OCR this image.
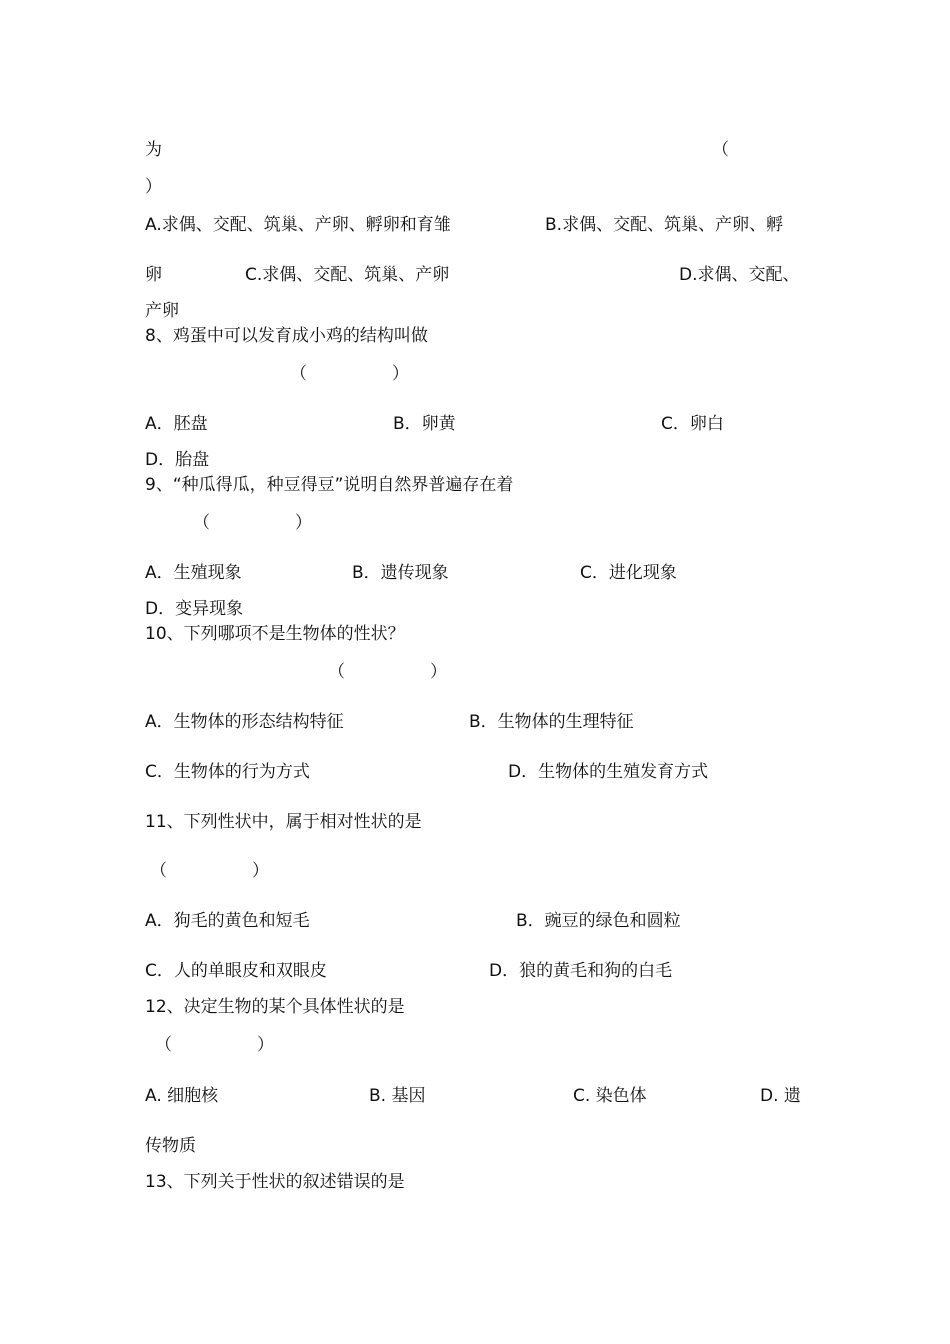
为	（
）
A.求偶、交配、筑巢、产卵、孵卵和育雏	B.求偶、交配、筑巢、产卵、孵
卵	C.求偶、交配、筑巢、产卵	D.求偶、交配、
产卵
8、鸡蛋中可以发育成小鸡的结构叫做
（　　　　　）
A．胚盘	B．卵黄	C．卵白
D．胎盘
9、“种瓜得瓜，种豆得豆”说明自然界普遍存在着
（　　　　　）
A．生殖现象	B．遗传现象	C．进化现象
D．变异现象
10、下列哪项不是生物体的性状？
（　　　　　）
A．生物体的形态结构特征	B．生物体的生理特征
C．生物体的行为方式	D．生物体的生殖发育方式
11、下列性状中，属于相对性状的是
（　　　　　）
A．狗毛的黄色和短毛	B．豌豆的绿色和圆粒
C．人的单眼皮和双眼皮	D．狼的黄毛和狗的白毛
12、决定生物的某个具体性状的是
（　　　　　）
A. 细胞核	B. 基因	C. 染色体	D. 遗
传物质
13、下列关于性状的叙述错误的是
